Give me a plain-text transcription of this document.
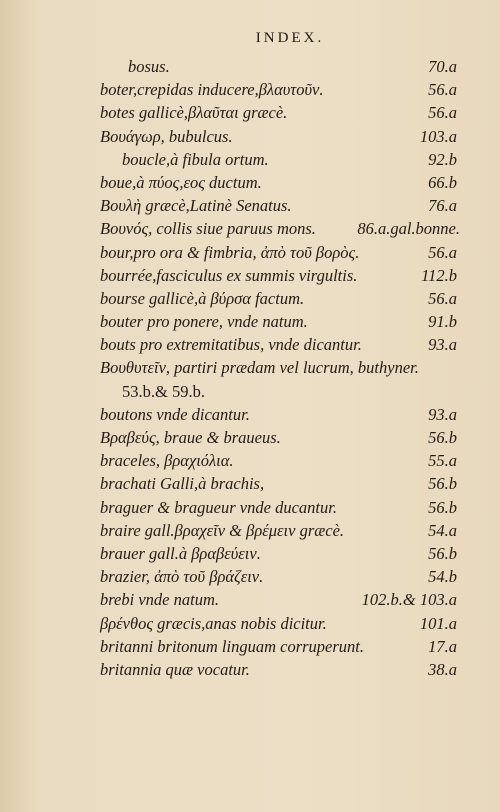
INDEX.
bosus.	70.a
boter,crepidas inducere,βλαυτοῦν.	56.a
botes gallicè,βλαῦται græcè.	56.a
Βουάγωρ, bubulcus.	103.a
boucle,à fibula ortum.	92.b
boue,à πύος,εος ductum.	66.b
Βουλὴ græcè,Latinè Senatus.	76.a
Βουνός, collis siue paruus mons.	86.a.gal.bonne.
bour,pro ora & fimbria, ἀπὸ τοῦ βορὸς.	56.a
bourrée,fasciculus ex summis virgultis.	112.b
bourse gallicè,à βύρσα factum.	56.a
bouter pro ponere, vnde natum.	91.b
bouts pro extremitatibus, vnde dicantur.	93.a
Βουθυτεῖν, partiri prædam vel lucrum, buthyner.
53.b.& 59.b.
boutons vnde dicantur.	93.a
Βραβεύς, braue & braueus.	56.b
braceles, βραχιόλια.	55.a
brachati Galli,à brachis,	56.b
braguer & bragueur vnde ducantur.	56.b
braire gall.βραχεῖν & βρέμειν græcè.	54.a
brauer gall.à βραβεύειν.	56.b
brazier, ἀπὸ τοῦ βράζειν.	54.b
brebi vnde natum.	102.b.& 103.a
βρένθος græcis,anas nobis dicitur.	101.a
britanni britonum linguam corruperunt.	17.a
britannia quæ vocatur.	38.a
